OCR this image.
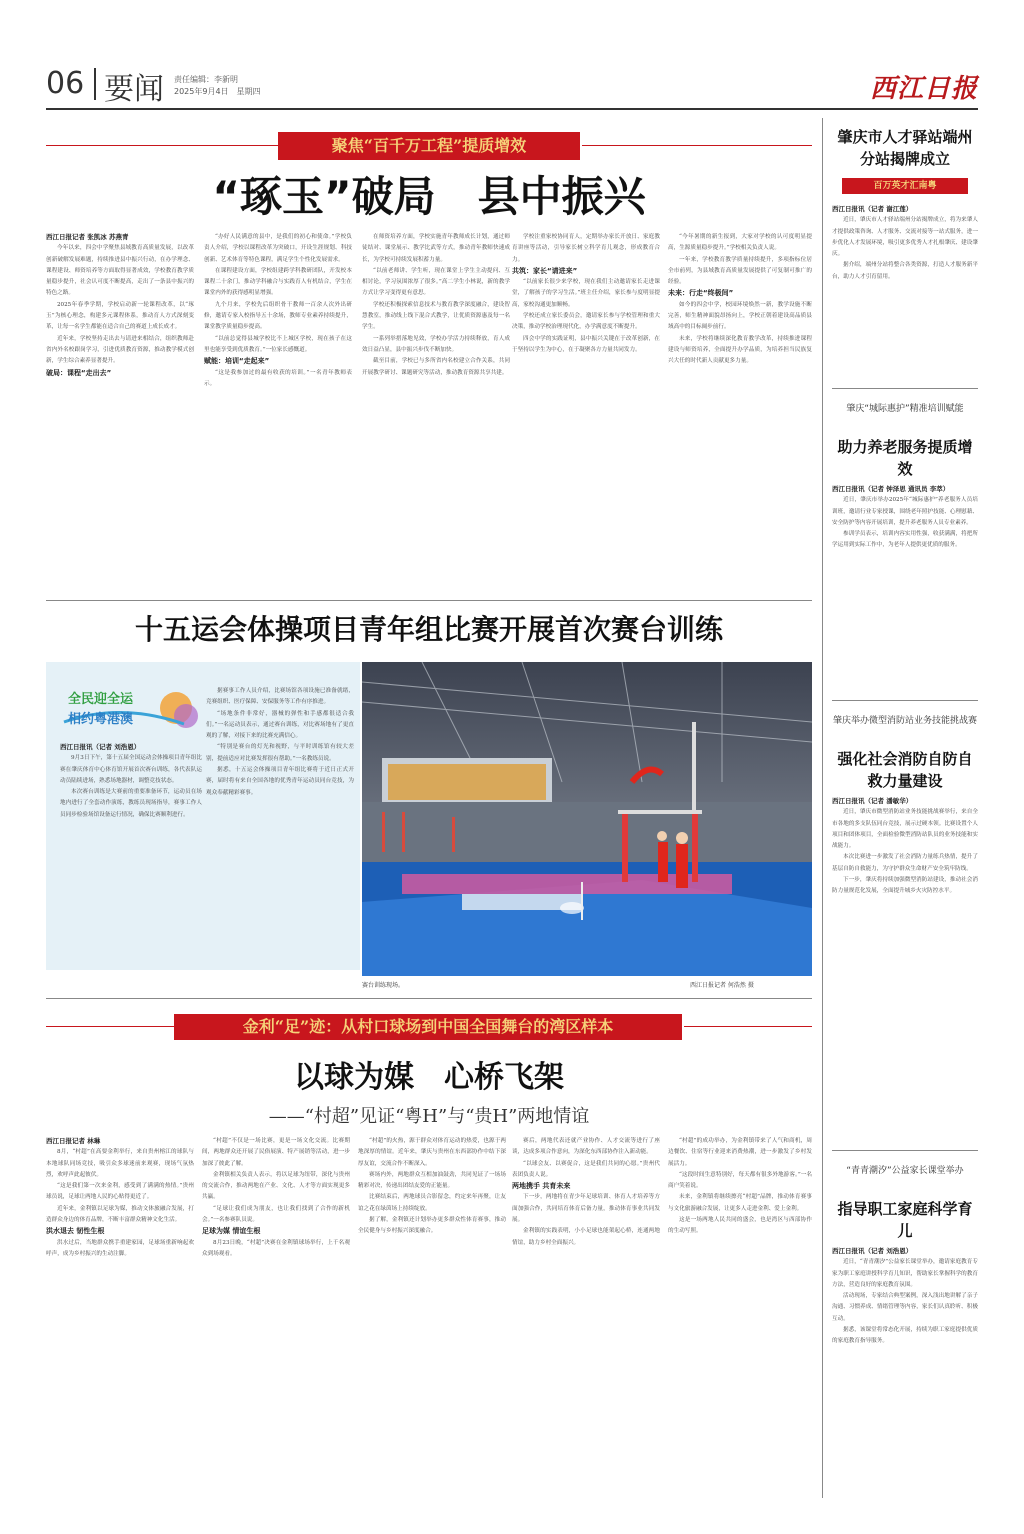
06 要闻 责任编辑：李新明
2025年9月4日　星期四	西江日报
聚焦“百千万工程”提质增效
“琢玉”破局　县中振兴

西江日报记者 张凯冰 苏燕青

今年以来，四会中学聚焦县域教育高质量发展，以改革创新破解发展难题，持续推进县中振兴行动，在办学理念、课程建设、师资培养等方面取得显著成效，学校教育教学质量稳步提升，社会认可度不断提高，走出了一条县中振兴的特色之路。

2025年春季学期，学校启动新一轮课程改革，以“琢玉”为核心理念，构建多元课程体系，推动育人方式深刻变革，让每一名学生都能在适合自己的赛道上成长成才。

近年来，学校坚持走出去与请进来相结合，组织教师赴省内外名校跟岗学习，引进优质教育资源，推动教学模式创新，学生综合素养显著提升。

破局：课程“走出去”

“办好人民满意的县中，是我们的初心和使命。”学校负责人介绍，学校以课程改革为突破口，开设生涯规划、科技创新、艺术体育等特色课程，满足学生个性化发展需求。

在课程建设方面，学校组建跨学科教研团队，开发校本课程二十余门，推动学科融合与实践育人有机结合，学生在课堂内外的获得感明显增强。

九个月来，学校先后组织骨干教师一百余人次外出研修，邀请专家入校指导五十余场，教师专业素养持续提升，课堂教学质量稳步提高。

“以前总觉得县城学校比不上城区学校，现在孩子在这里也能享受到优质教育。”一位家长感慨道。

赋能：培训“走起来”

“这是我参加过的最有收获的培训。”一名青年教师表示。

在师资培养方面，学校实施青年教师成长计划，通过师徒结对、课堂展示、教学比武等方式，推动青年教师快速成长，为学校可持续发展积蓄力量。

“以前老师讲、学生听，现在课堂上学生主动提问、互相讨论，学习氛围浓厚了很多。”高二学生小林说，新的教学方式让学习变得更有意思。

学校还积极探索信息技术与教育教学深度融合，建设智慧教室，推动线上线下混合式教学，让优质资源惠及每一名学生。

一系列举措落地见效，学校办学活力持续释放，育人成效日益凸显，县中振兴步伐不断加快。

截至目前，学校已与多所省内名校建立合作关系，共同开展教学研讨、课题研究等活动，推动教育资源共享共建。

学校注重家校协同育人，定期举办家长开放日、家庭教育讲座等活动，引导家长树立科学育儿观念，形成教育合力。

共筑：家长“请进来”

“以前家长很少来学校，现在我们主动邀请家长走进课堂，了解孩子的学习生活。”班主任介绍，家长参与度明显提高，家校沟通更加顺畅。

学校还成立家长委员会，邀请家长参与学校管理和重大决策，推动学校治理现代化，办学满意度不断提升。

四会中学的实践证明，县中振兴关键在于改革创新，在于坚持以学生为中心，在于凝聚各方力量共同发力。

“今年暑期的新生报到，大家对学校的认可度明显提高，生源质量稳步提升。”学校相关负责人说。

一年来，学校教育教学质量持续提升，多项指标位居全市前列，为县域教育高质量发展提供了可复制可推广的经验。

未来：行走“终极间”

如今的四会中学，校园环境焕然一新，教学设施不断完善，师生精神面貌昂扬向上，学校正朝着建设高品质县域高中的目标阔步前行。

未来，学校将继续深化教育教学改革，持续推进课程建设与师资培养，全面提升办学品质，为培养担当民族复兴大任的时代新人贡献更多力量。

十五运会体操项目青年组比赛开展首次赛台训练
全民迎全运
相约粤港澳

西江日报讯（记者 刘浩恩）

9月3日下午，第十五届全国运动会体操项目青年组比赛在肇庆体育中心体育馆开展首次赛台训练，各代表队运动员陆续进场，熟悉场地器材，调整竞技状态。

本次赛台训练是大赛前的重要准备环节，运动员在场地内进行了全套动作演练，教练员现场指导，赛事工作人员同步检验场馆设备运行情况，确保比赛顺利进行。

据赛事工作人员介绍，比赛场馆各项设施已准备就绪，竞赛组织、医疗保障、安保服务等工作有序推进。

“场地条件非常好，器械的弹性和手感都很适合我们。”一名运动员表示，通过赛台训练，对比赛场地有了更直观的了解，对接下来的比赛充满信心。

“特别是赛台的灯光和视野，与平时训练馆有较大差别，提前适应对比赛发挥很有帮助。”一名教练员说。

据悉，十五运会体操项目青年组比赛将于近日正式开赛，届时将有来自全国各地的优秀青年运动员同台竞技，为观众奉献精彩赛事。

赛台训练现场。	西江日报记者 何浩然 摄
金利“足”迹：从村口球场到中国全国舞台的湾区样本
以球为媒　心桥飞架
——“村超”见证“粤H”与“贵H”两地情谊

西江日报记者 林琳

8月，“村超”在高要金利举行，来自贵州榕江的球队与本地球队同场竞技，吸引众多球迷前来观赛，现场气氛热烈，欢呼声此起彼伏。

“这是我们第一次来金利，感受到了满满的热情。”贵州球员说，足球让两地人民的心贴得更近了。

近年来，金利镇以足球为媒，推动文体旅融合发展，打造群众身边的体育品牌，不断丰富群众精神文化生活。

洪水退去 韧性生根

洪水过后，当地群众携手重建家园，足球场重新响起欢呼声，成为乡村振兴的生动注脚。

“村超”不仅是一场比赛，更是一场文化交流。比赛期间，两地群众还开展了民俗展演、特产展销等活动，进一步加深了彼此了解。

金利镇相关负责人表示，将以足球为纽带，深化与贵州的交流合作，推动两地在产业、文化、人才等方面实现更多共赢。

“足球让我们成为朋友，也让我们找到了合作的新机会。”一名参赛队员说。

足球为媒 情谊生根

8月23日晚，“村超”决赛在金利镇球场举行，上千名观众到场观看。

“村超”的火热，源于群众对体育运动的热爱，也源于两地深厚的情谊。近年来，肇庆与贵州在东西部协作中结下深厚友谊，交流合作不断深入。

赛场内外，两地群众互相加油鼓劲，共同见证了一场场精彩对决，传递出团结友爱的正能量。

比赛结束后，两地球员合影留念，约定来年再聚，让友谊之花在绿茵场上持续绽放。

据了解，金利镇还计划举办更多群众性体育赛事，推动全民健身与乡村振兴深度融合。

赛后，两地代表还就产业协作、人才交流等进行了座谈，达成多项合作意向，为深化东西部协作注入新动能。

“以球会友、以赛促合，这是我们共同的心愿。”贵州代表团负责人说。

两地携手 共育未来

下一步，两地将在青少年足球培训、体育人才培养等方面加强合作，共同培育体育后备力量，推动体育事业共同发展。

金利镇的实践表明，小小足球也能架起心桥，连通两地情谊，助力乡村全面振兴。

“村超”的成功举办，为金利镇带来了人气和商机，周边餐饮、住宿等行业迎来消费热潮，进一步激发了乡村发展活力。

“这段时间生意特别好，每天都有很多外地游客。”一名商户笑着说。

未来，金利镇将继续擦亮“村超”品牌，推动体育赛事与文化旅游融合发展，让更多人走进金利、爱上金利。

这是一场两地人民共同的盛会，也是湾区与西部协作的生动写照。

肇庆市人才驿站端州分站揭牌成立
百万英才汇南粤

西江日报讯（记者 谢江莲）

近日，肇庆市人才驿站端州分站揭牌成立，将为来肇人才提供政策咨询、人才服务、交流对接等一站式服务，进一步优化人才发展环境，吸引更多优秀人才扎根肇庆、建设肇庆。

据介绍，端州分站将整合各类资源，打造人才服务新平台，助力人才引育留用。

肇庆“城际惠护”精准培训赋能
助力养老服务提质增效

西江日报讯（记者 钟泽思 通讯员 李萃）

近日，肇庆市举办2025年“城际惠护”养老服务人员培训班，邀请行业专家授课，围绕老年照护技能、心理慰藉、安全防护等内容开展培训，提升养老服务人员专业素养。

参训学员表示，培训内容实用性强，收获满满，将把所学运用到实际工作中，为老年人提供更优质的服务。

肇庆举办微型消防站业务技能挑战赛
强化社会消防自防自救力量建设

西江日报讯（记者 潘敏华）

近日，肇庆市微型消防站业务技能挑战赛举行，来自全市各地的多支队伍同台竞技，展示过硬本领。比赛设置个人项目和团体项目，全面检验微型消防站队员的业务技能和实战能力。

本次比赛进一步激发了社会消防力量练兵热情，提升了基层自防自救能力，为守护群众生命财产安全筑牢防线。

下一步，肇庆将持续加强微型消防站建设，推动社会消防力量规范化发展，全面提升城乡火灾防控水平。

“青青潮汐”公益家长课堂举办
指导职工家庭科学育儿

西江日报讯（记者 刘浩恩）

近日，“青青潮汐”公益家长课堂举办，邀请家庭教育专家为职工家庭讲授科学育儿知识，帮助家长掌握科学的教育方法，营造良好的家庭教育氛围。

活动现场，专家结合典型案例，深入浅出地讲解了亲子沟通、习惯养成、情绪管理等内容，家长们认真聆听、积极互动。

据悉，该课堂将常态化开展，持续为职工家庭提供优质的家庭教育指导服务。
